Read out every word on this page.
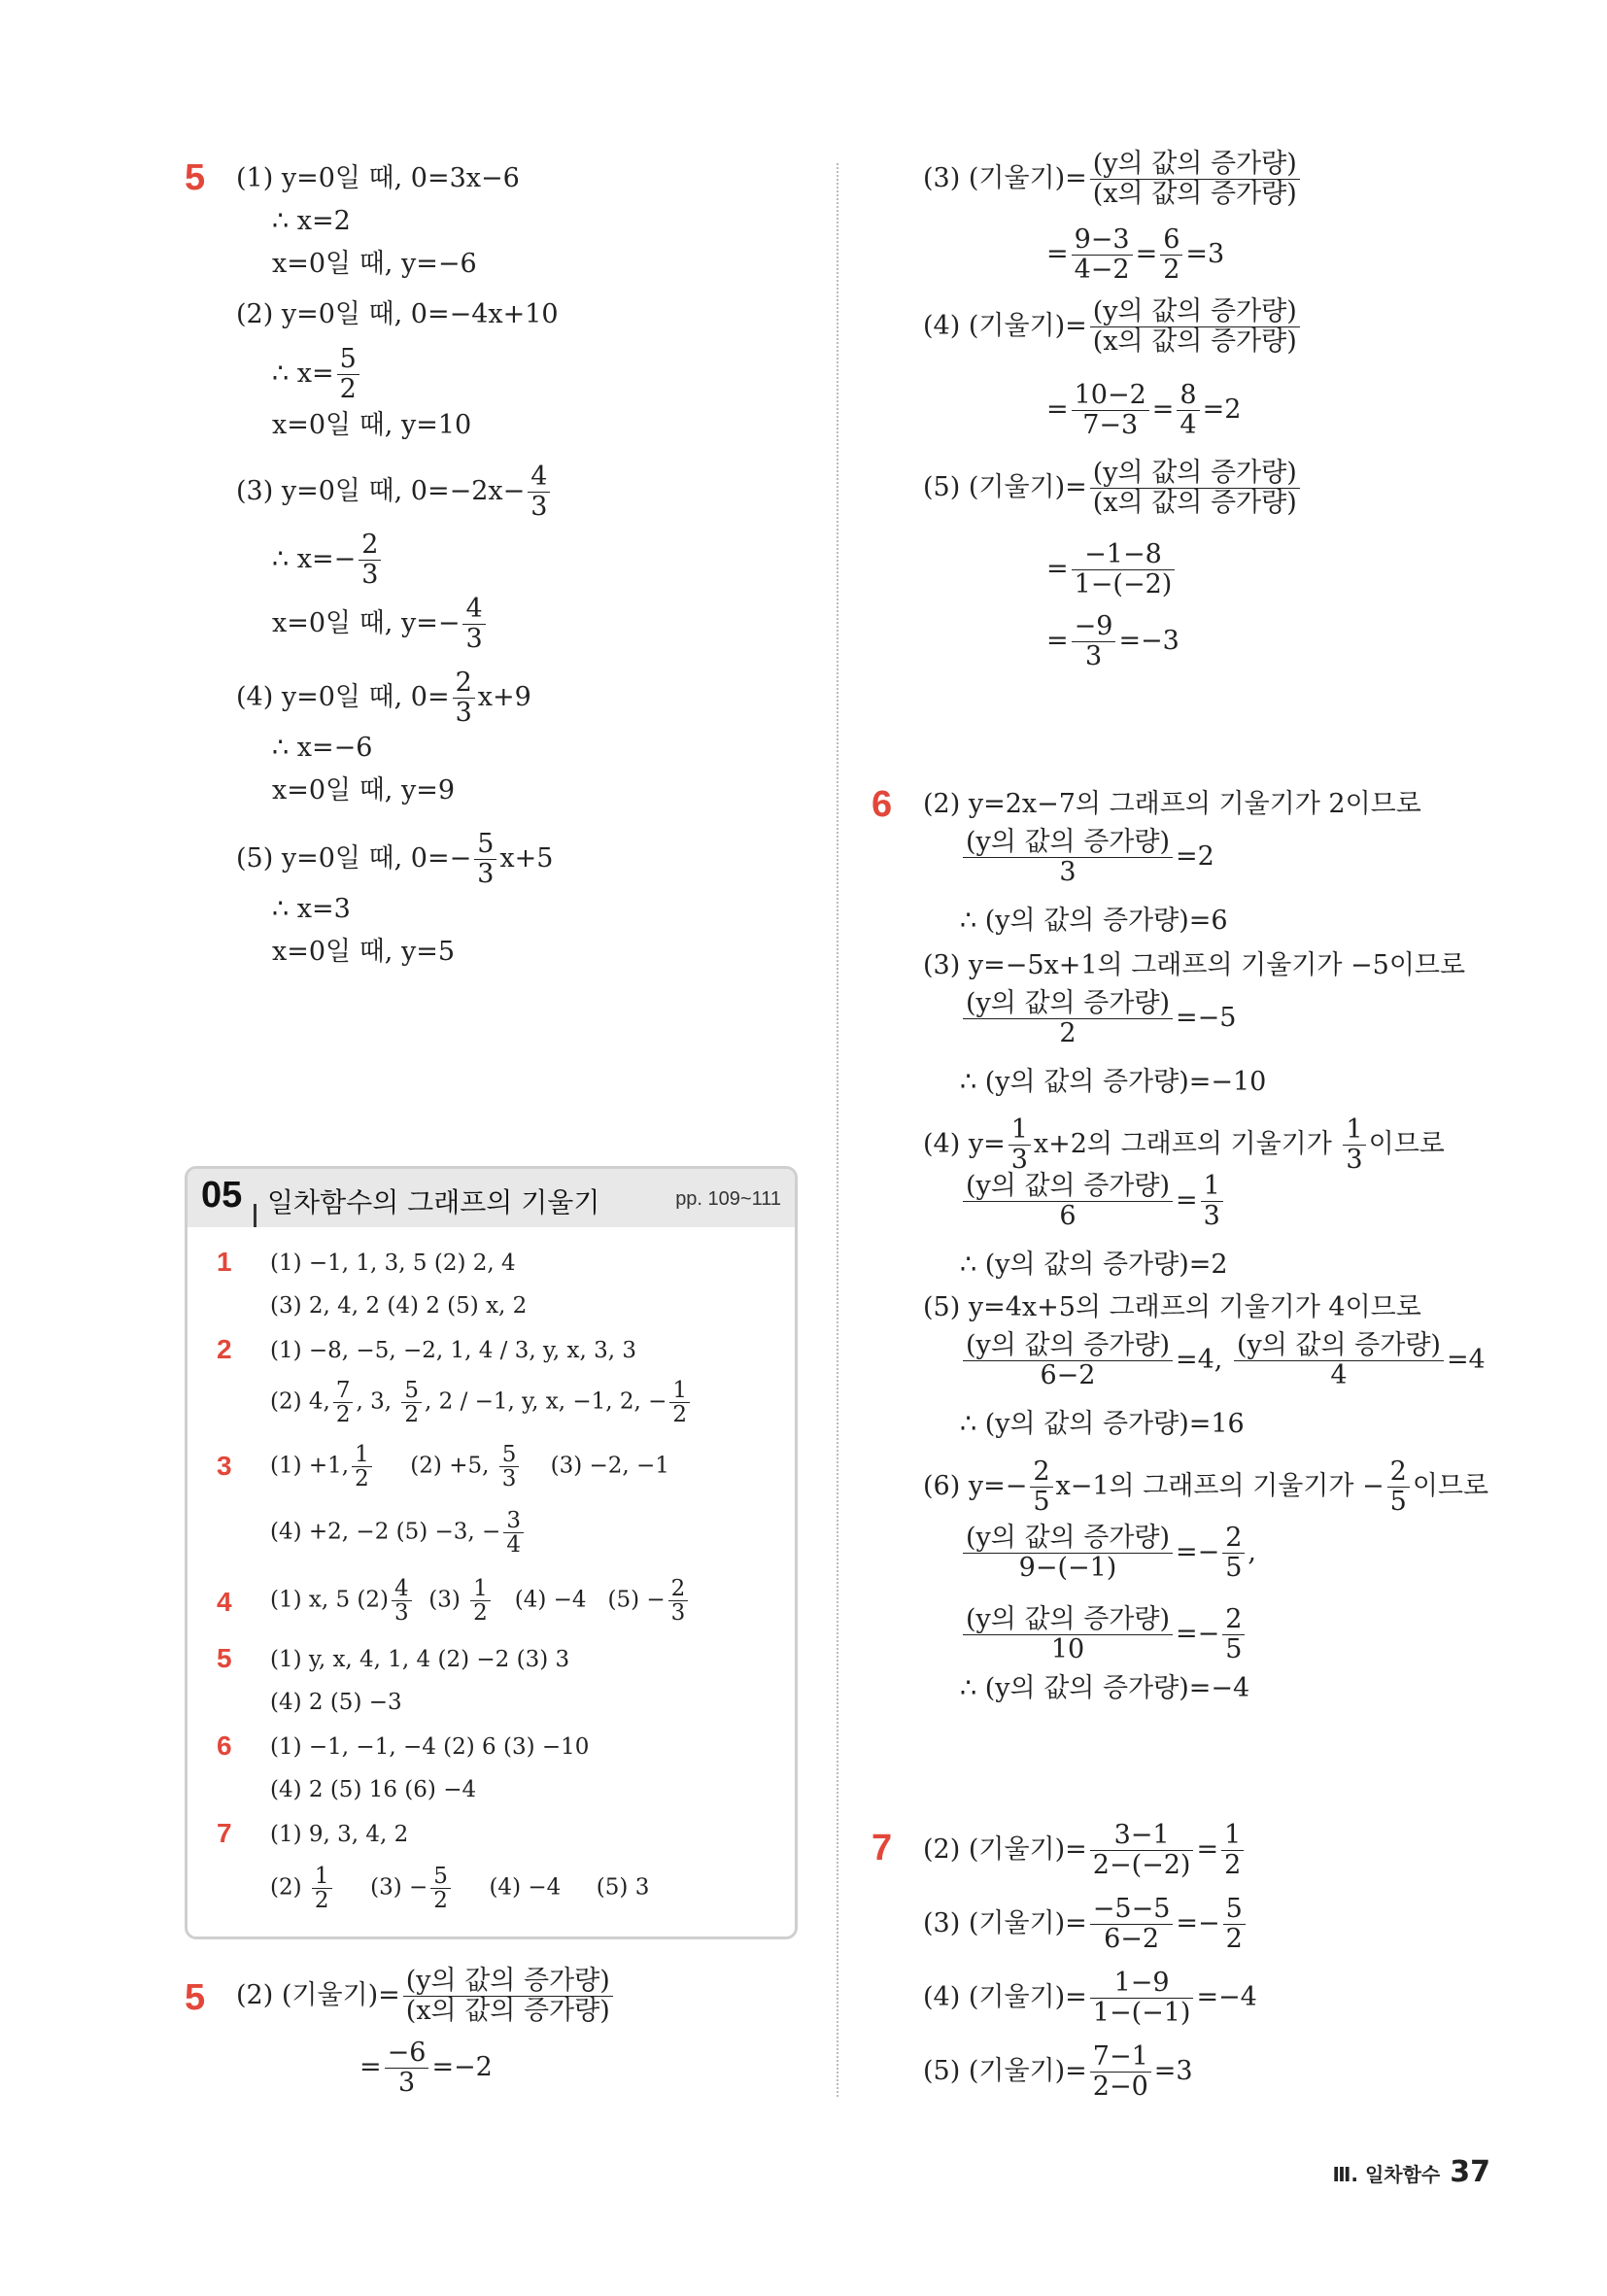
5 (1) y=0일 때, 0=3x−6
∴ x=2
x=0일 때, y=−6
(2) y=0일 때, 0=−4x+10
∴ $x= \frac{5}{2}$
x=0일 때, y=10
(3) y=0일 때, $0=-2x- \frac{4}{3}$
∴ $x=- \frac{2}{3}$
x=0일 때, $y=- \frac{4}{3}$
(4) y=0일 때, $0= \frac{2}{3} x+9$
∴ x=−6
x=0일 때, y=9
(5) y=0일 때, $0=- \frac{5}{3} x+5$
∴ x=3
x=0일 때, y=5
05 일차함수의 그래프의 기울기	pp. 109~111
1 (1) −1, 1, 3, 5 (2) 2, 4
(3) 2, 4, 2 (4) 2 (5) x, 2
2 (1) −8, −5, −2, 1, 4 / 3, y, x, 3, 3
(2) 4, $\frac{7}{2}$ , 3, $\frac{5}{2}$ , 2 / −1, y, x, −1, 2, − $\frac{1}{2}$
3 (1) +1, $\frac{1}{2} (2) +5$, $\frac{5}{3} (3) -2$, −1
(4) +2, −2 (5) −3, − $\frac{3}{4}$
4 (1) x, 5 $(2) \frac{4}{3} (3) \frac{1}{2} (4) -4$   $(5) - \frac{2}{3}$
5 (1) y, x, 4, 1, 4 (2) −2 (3) 3
(4) 2 (5) −3
6 (1) −1, −1, −4 (2) 6 (3) −10
(4) 2 (5) 16 (6) −4
7 (1) 9, 3, 4, 2
$(2) \frac{1}{2} (3) - \frac{5}{2} (4) -4$     (5) 3
5 (2) (기울기)= $\frac{\text{(y의 값의 증가량)}}{\text{(x의 값의 증가량)}}$
= $\frac{-6}{3} =-2$
(3) (기울기)= $\frac{\text{(y의 값의 증가량)}}{\text{(x의 값의 증가량)}}$
= $\frac{9-3}{4-2} = \frac{6}{2} =3$
(4) (기울기)= $\frac{\text{(y의 값의 증가량)}}{\text{(x의 값의 증가량)}}$
= $\frac{10-2}{7-3} = \frac{8}{4} =2$
(5) (기울기)= $\frac{\text{(y의 값의 증가량)}}{\text{(x의 값의 증가량)}}$
= $\frac{-1-8}{1-(-2)}$
= $\frac{-9}{3} =-3$
6 (2) y=2x−7의 그래프의 기울기가 2이므로
$\frac{\text{(y의 값의 증가량)}}{3} =2$
∴ (y의 값의 증가량)=6
(3) y=−5x+1의 그래프의 기울기가 −5이므로
$\frac{\text{(y의 값의 증가량)}}{2} =-5$
∴ (y의 값의 증가량)=−10
(4) $y= \frac{1}{3} x+2$의 그래프의 기울기가 $\frac{1}{3}$ 이므로
$\frac{\text{(y의 값의 증가량)}}{6} = \frac{1}{3}$
∴ (y의 값의 증가량)=2
(5) y=4x+5의 그래프의 기울기가 4이므로
$\frac{\text{(y의 값의 증가량)}}{6-2} =4$, $\frac{\text{(y의 값의 증가량)}}{4} =4$
∴ (y의 값의 증가량)=16
(6) $y=- \frac{2}{5} x-1$의 그래프의 기울기가 − $\frac{2}{5}$ 이므로
$\frac{\text{(y의 값의 증가량)}}{9-(-1)} =- \frac{2}{5}$ ,
$\frac{\text{(y의 값의 증가량)}}{10} =- \frac{2}{5}$
∴ (y의 값의 증가량)=−4
7 (2) (기울기)= $\frac{3-1}{2-(-2)} = \frac{1}{2}$
(3) (기울기)= $\frac{-5-5}{6-2} =- \frac{5}{2}$
(4) (기울기)= $\frac{1-9}{1-(-1)} =-4$
(5) (기울기)= $\frac{7-1}{2-0} =3$
Ⅲ. 일차함수 37
